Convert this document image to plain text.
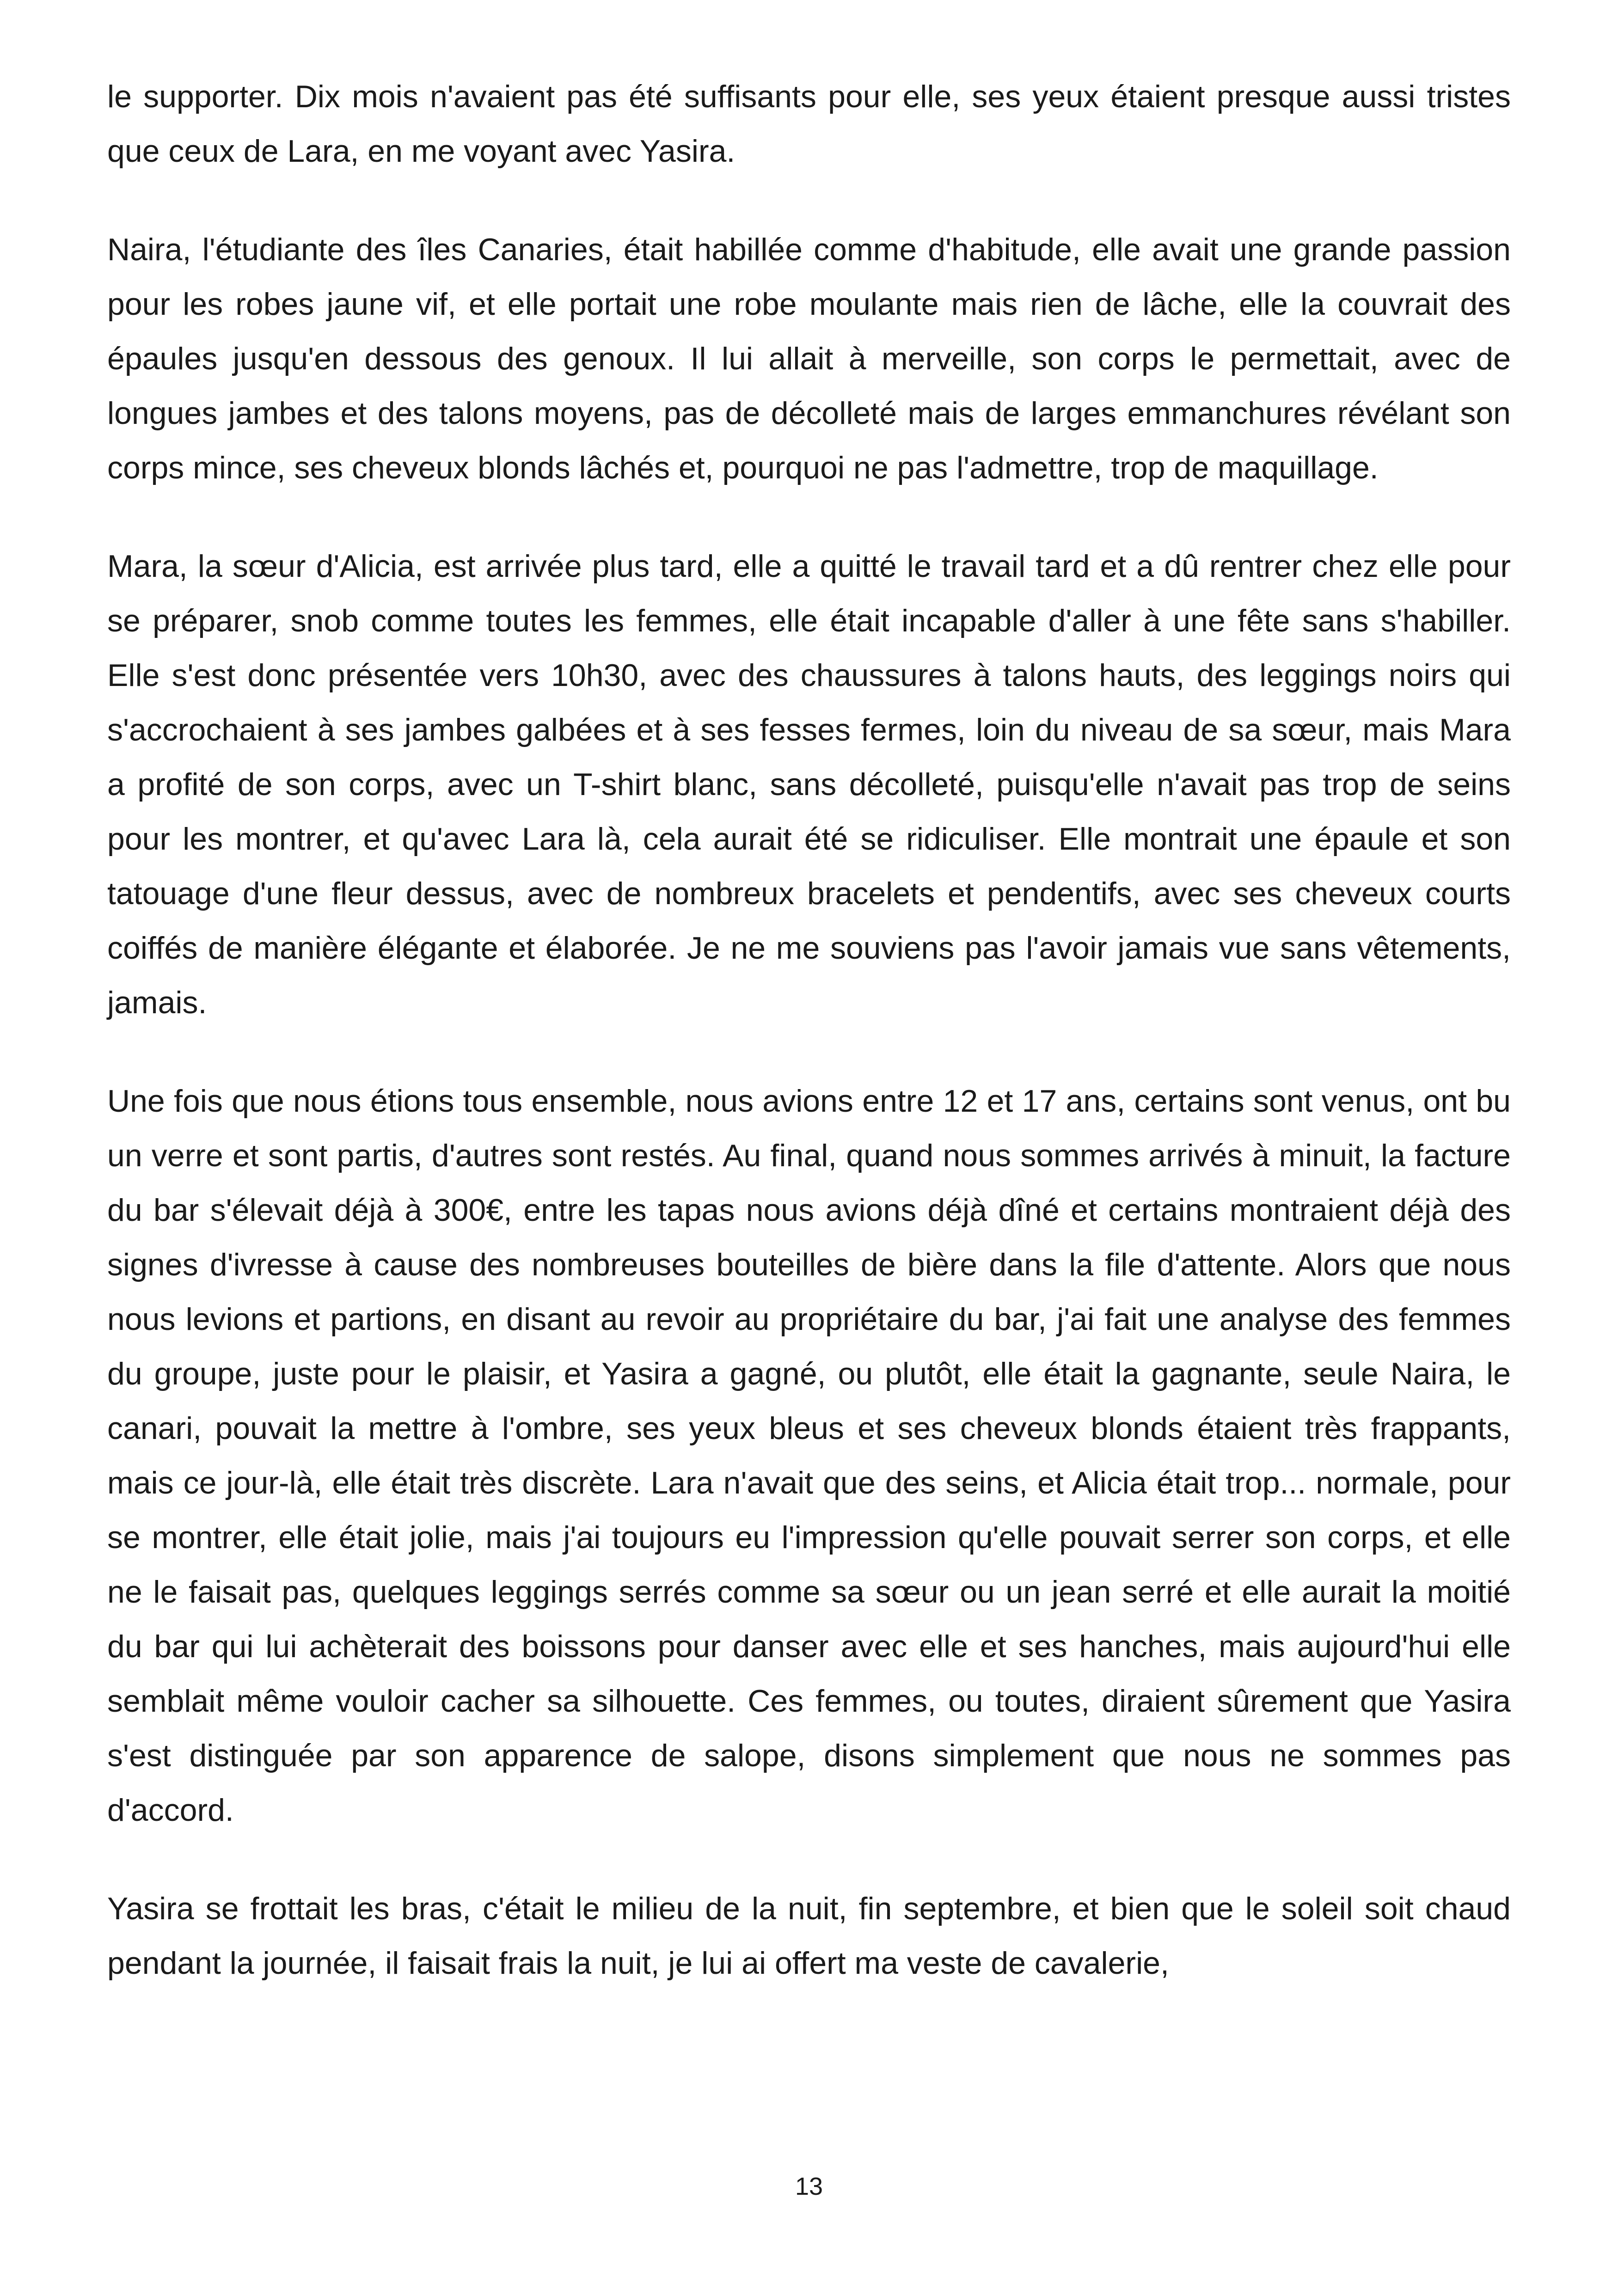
le supporter. Dix mois n'avaient pas été suffisants pour elle, ses yeux étaient presque aussi tristes que ceux de Lara, en me voyant avec Yasira.

Naira, l'étudiante des îles Canaries, était habillée comme d'habitude, elle avait une grande passion pour les robes jaune vif, et elle portait une robe moulante mais rien de lâche, elle la couvrait des épaules jusqu'en dessous des genoux. Il lui allait à merveille, son corps le permettait, avec de longues jambes et des talons moyens, pas de décolleté mais de larges emmanchures révélant son corps mince, ses cheveux blonds lâchés et, pourquoi ne pas l'admettre, trop de maquillage.

Mara, la sœur d'Alicia, est arrivée plus tard, elle a quitté le travail tard et a dû rentrer chez elle pour se préparer, snob comme toutes les femmes, elle était incapable d'aller à une fête sans s'habiller. Elle s'est donc présentée vers 10h30, avec des chaussures à talons hauts, des leggings noirs qui s'accrochaient à ses jambes galbées et à ses fesses fermes, loin du niveau de sa sœur, mais Mara a profité de son corps, avec un T-shirt blanc, sans décolleté, puisqu'elle n'avait pas trop de seins pour les montrer, et qu'avec Lara là, cela aurait été se ridiculiser. Elle montrait une épaule et son tatouage d'une fleur dessus, avec de nombreux bracelets et pendentifs, avec ses cheveux courts coiffés de manière élégante et élaborée. Je ne me souviens pas l'avoir jamais vue sans vêtements, jamais.

Une fois que nous étions tous ensemble, nous avions entre 12 et 17 ans, certains sont venus, ont bu un verre et sont partis, d'autres sont restés. Au final, quand nous sommes arrivés à minuit, la facture du bar s'élevait déjà à 300€, entre les tapas nous avions déjà dîné et certains montraient déjà des signes d'ivresse à cause des nombreuses bouteilles de bière dans la file d'attente. Alors que nous nous levions et partions, en disant au revoir au propriétaire du bar, j'ai fait une analyse des femmes du groupe, juste pour le plaisir, et Yasira a gagné, ou plutôt, elle était la gagnante, seule Naira, le canari, pouvait la mettre à l'ombre, ses yeux bleus et ses cheveux blonds étaient très frappants, mais ce jour-là, elle était très discrète. Lara n'avait que des seins, et Alicia était trop... normale, pour se montrer, elle était jolie, mais j'ai toujours eu l'impression qu'elle pouvait serrer son corps, et elle ne le faisait pas, quelques leggings serrés comme sa sœur ou un jean serré et elle aurait la moitié du bar qui lui achèterait des boissons pour danser avec elle et ses hanches, mais aujourd'hui elle semblait même vouloir cacher sa silhouette. Ces femmes, ou toutes, diraient sûrement que Yasira s'est distinguée par son apparence de salope, disons simplement que nous ne sommes pas d'accord.

Yasira se frottait les bras, c'était le milieu de la nuit, fin septembre, et bien que le soleil soit chaud pendant la journée, il faisait frais la nuit, je lui ai offert ma veste de cavalerie,

13
